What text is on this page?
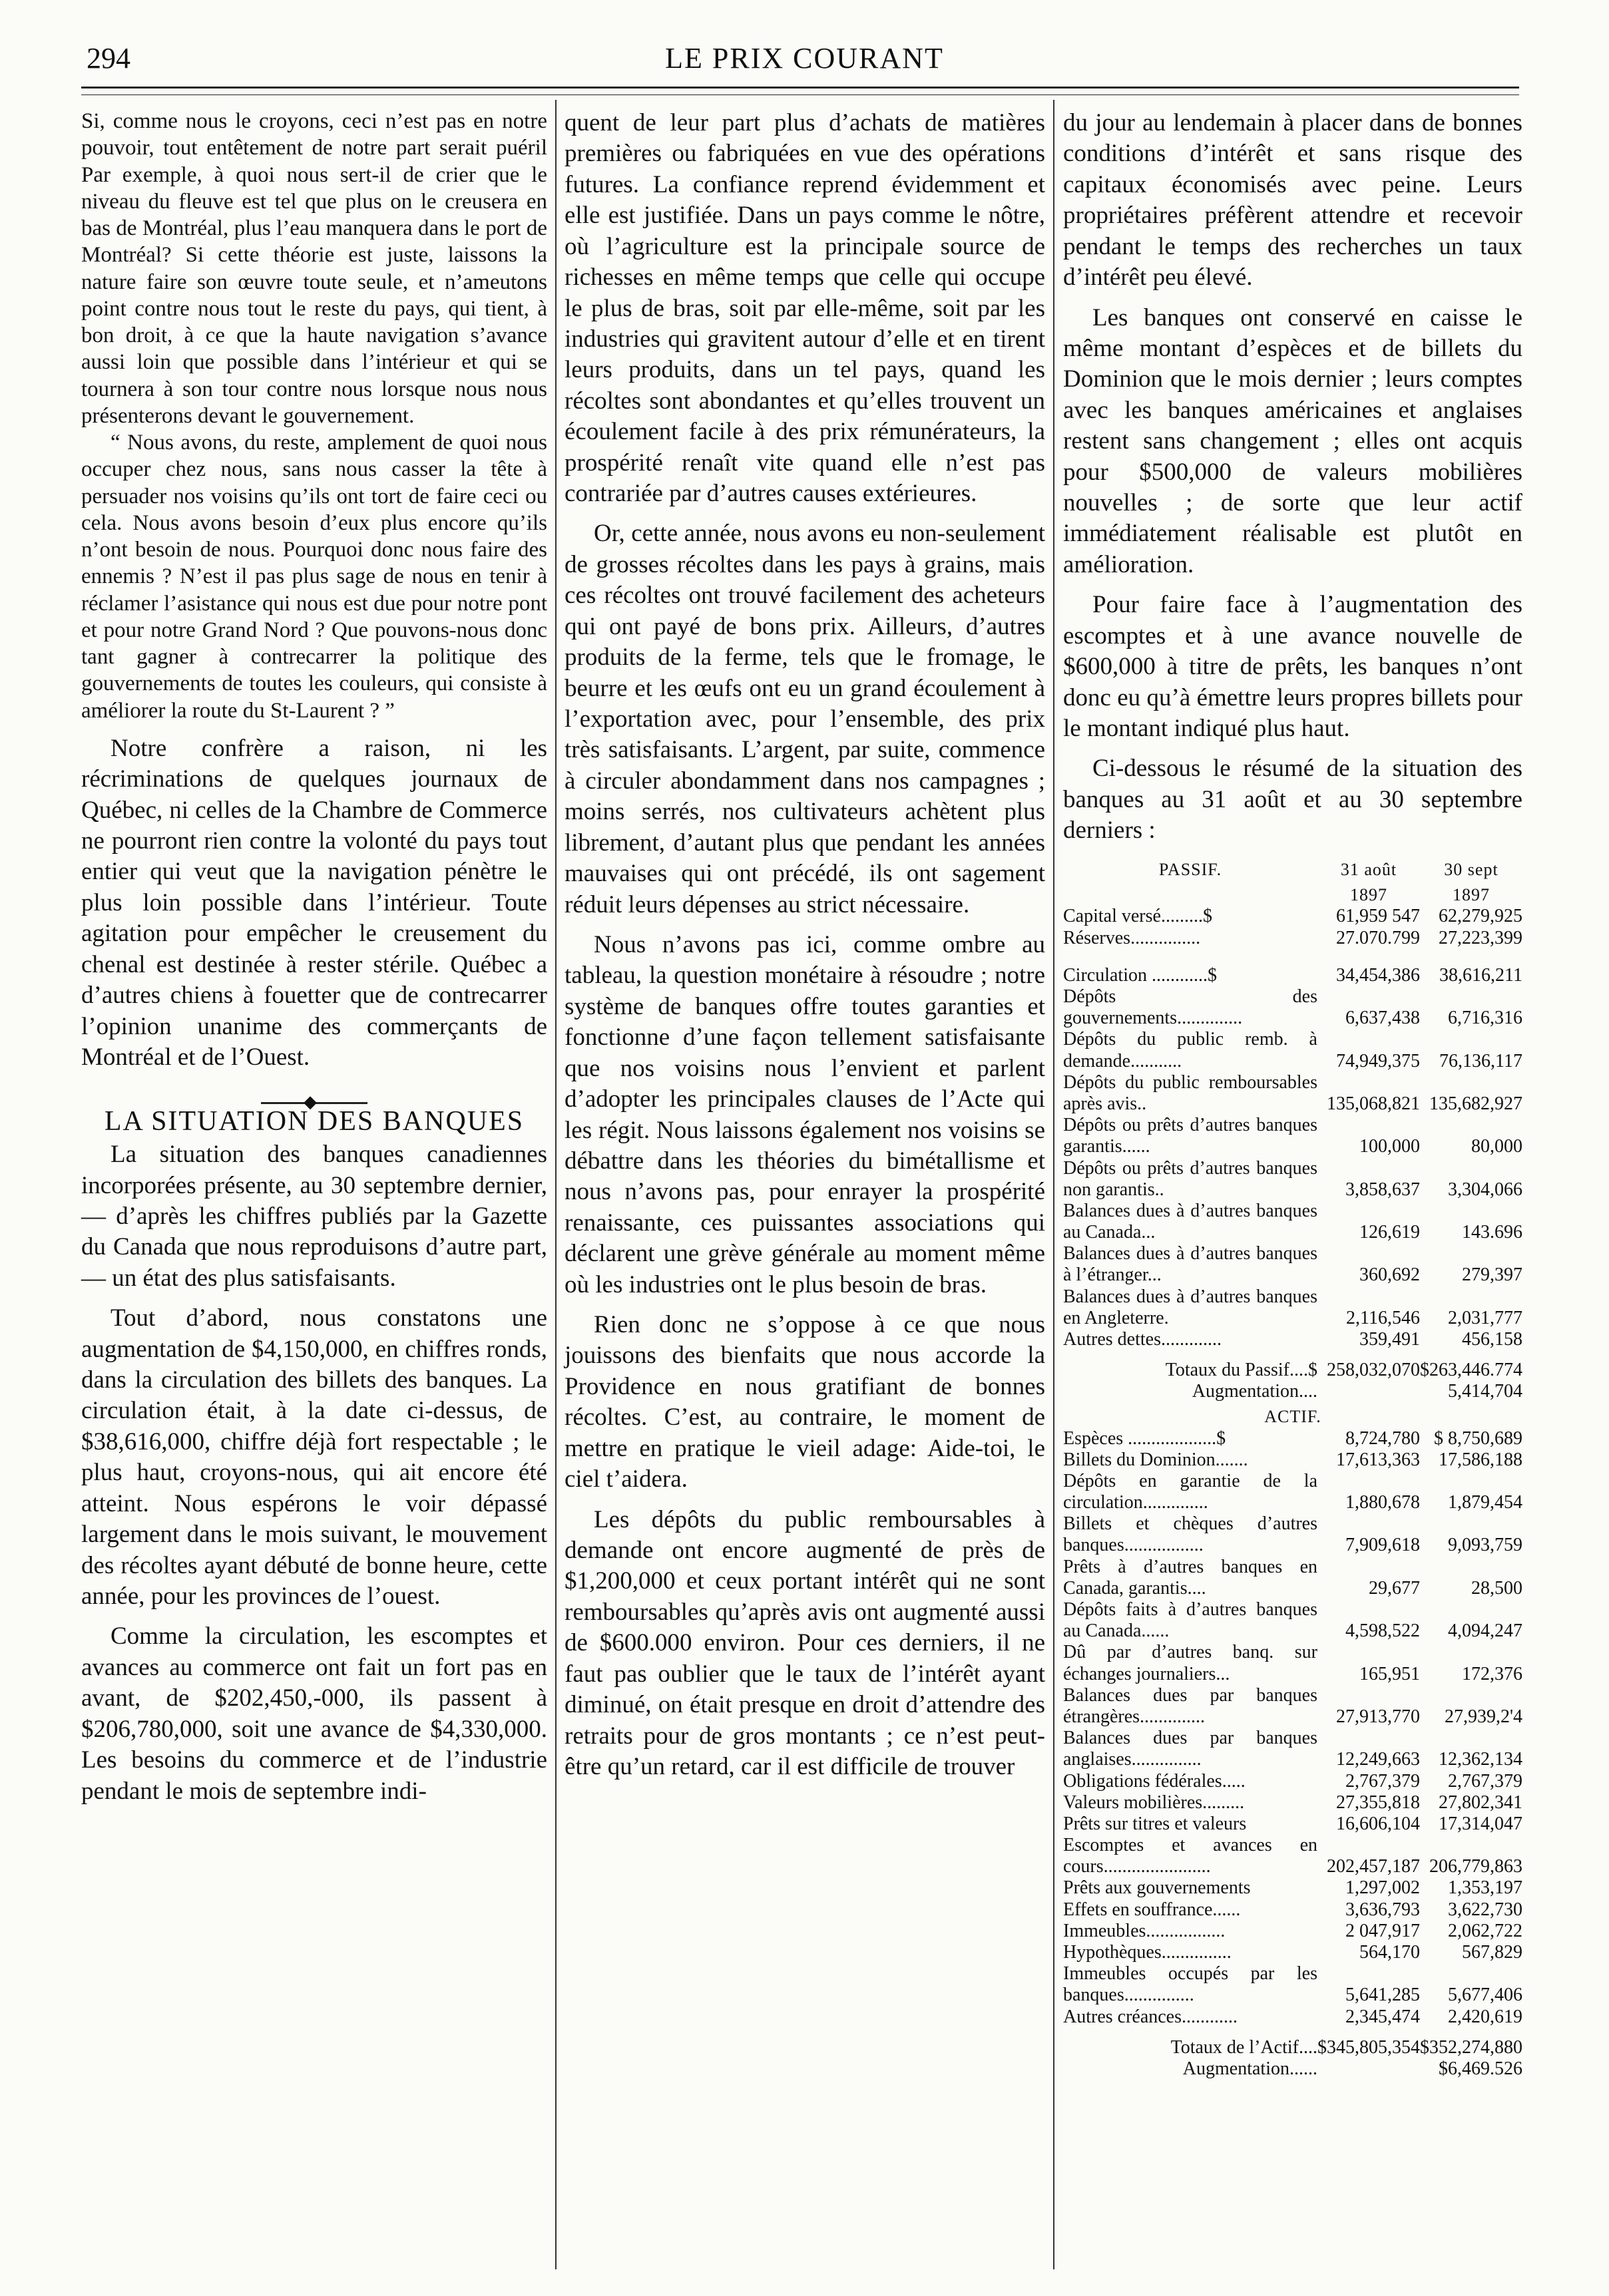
294	LE PRIX COURANT

Si, comme nous le croyons, ceci n’est pas en notre pouvoir, tout entêtement de notre part serait puéril Par exemple, à quoi nous sert-il de crier que le niveau du fleuve est tel que plus on le creusera en bas de Montréal, plus l’eau manquera dans le port de Montréal? Si cette théorie est juste, laissons la nature faire son œuvre toute seule, et n’ameutons point contre nous tout le reste du pays, qui tient, à bon droit, à ce que la haute navigation s’avance aussi loin que possible dans l’intérieur et qui se tournera à son tour contre nous lorsque nous nous présenterons devant le gouvernement.

“ Nous avons, du reste, amplement de quoi nous occuper chez nous, sans nous casser la tête à persuader nos voisins qu’ils ont tort de faire ceci ou cela. Nous avons besoin d’eux plus encore qu’ils n’ont besoin de nous. Pourquoi donc nous faire des ennemis ? N’est il pas plus sage de nous en tenir à réclamer l’asistance qui nous est due pour notre pont et pour notre Grand Nord ? Que pouvons-nous donc tant gagner à contrecarrer la politique des gouvernements de toutes les couleurs, qui consiste à améliorer la route du St-Laurent ? ”

Notre confrère a raison, ni les récriminations de quelques journaux de Québec, ni celles de la Chambre de Commerce ne pourront rien contre la volonté du pays tout entier qui veut que la navigation pénètre le plus loin possible dans l’intérieur. Toute agitation pour empêcher le creusement du chenal est destinée à rester stérile. Québec a d’autres chiens à fouetter que de contrecarrer l’opinion unanime des commerçants de Montréal et de l’Ouest.

◆

LA SITUATION DES BANQUES

La situation des banques canadiennes incorporées présente, au 30 septembre dernier, — d’après les chiffres publiés par la Gazette du Canada que nous reproduisons d’autre part,— un état des plus satisfaisants.

Tout d’abord, nous constatons une augmentation de $4,150,000, en chiffres ronds, dans la circulation des billets des banques. La circulation était, à la date ci-dessus, de $38,616,000, chiffre déjà fort respectable ; le plus haut, croyons-nous, qui ait encore été atteint. Nous espérons le voir dépassé largement dans le mois suivant, le mouvement des récoltes ayant débuté de bonne heure, cette année, pour les provinces de l’ouest.

Comme la circulation, les escomptes et avances au commerce ont fait un fort pas en avant, de $202,450,-000, ils passent à $206,780,000, soit une avance de $4,330,000. Les besoins du commerce et de l’industrie pendant le mois de septembre indi-

quent de leur part plus d’achats de matières premières ou fabriquées en vue des opérations futures. La confiance reprend évidemment et elle est justifiée. Dans un pays comme le nôtre, où l’agriculture est la principale source de richesses en même temps que celle qui occupe le plus de bras, soit par elle-même, soit par les industries qui gravitent autour d’elle et en tirent leurs produits, dans un tel pays, quand les récoltes sont abondantes et qu’elles trouvent un écoulement facile à des prix rémunérateurs, la prospérité renaît vite quand elle n’est pas contrariée par d’autres causes extérieures.

Or, cette année, nous avons eu non-seulement de grosses récoltes dans les pays à grains, mais ces récoltes ont trouvé facilement des acheteurs qui ont payé de bons prix. Ailleurs, d’autres produits de la ferme, tels que le fromage, le beurre et les œufs ont eu un grand écoulement à l’exportation avec, pour l’ensemble, des prix très satisfaisants. L’argent, par suite, commence à circuler abondamment dans nos campagnes ; moins serrés, nos cultivateurs achètent plus librement, d’autant plus que pendant les années mauvaises qui ont précédé, ils ont sagement réduit leurs dépenses au strict nécessaire.

Nous n’avons pas ici, comme ombre au tableau, la question monétaire à résoudre ; notre système de banques offre toutes garanties et fonctionne d’une façon tellement satisfaisante que nos voisins nous l’envient et parlent d’adopter les principales clauses de l’Acte qui les régit. Nous laissons également nos voisins se débattre dans les théories du bimétallisme et nous n’avons pas, pour enrayer la prospérité renaissante, ces puissantes associations qui déclarent une grève générale au moment même où les industries ont le plus besoin de bras.

Rien donc ne s’oppose à ce que nous jouissons des bienfaits que nous accorde la Providence en nous gratifiant de bonnes récoltes. C’est, au contraire, le moment de mettre en pratique le vieil adage: Aide-toi, le ciel t’aidera.

Les dépôts du public remboursables à demande ont encore augmenté de près de $1,200,000 et ceux portant intérêt qui ne sont remboursables qu’après avis ont augmenté aussi de $600.000 environ. Pour ces derniers, il ne faut pas oublier que le taux de l’intérêt ayant diminué, on était presque en droit d’attendre des retraits pour de gros montants ; ce n’est peut-être qu’un retard, car il est difficile de trouver

du jour au lendemain à placer dans de bonnes conditions d’intérêt et sans risque des capitaux économisés avec peine. Leurs propriétaires préfèrent attendre et recevoir pendant le temps des recherches un taux d’intérêt peu élevé.

Les banques ont conservé en caisse le même montant d’espèces et de billets du Dominion que le mois dernier ; leurs comptes avec les banques américaines et anglaises restent sans changement ; elles ont acquis pour $500,000 de valeurs mobilières nouvelles ; de sorte que leur actif immédiatement réalisable est plutôt en amélioration.

Pour faire face à l’augmentation des escomptes et à une avance nouvelle de $600,000 à titre de prêts, les banques n’ont donc eu qu’à émettre leurs propres billets pour le montant indiqué plus haut.

Ci-dessous le résumé de la situation des banques au 31 août et au 30 septembre derniers :

PASSIF.	31 août	30 sept
	1897	1897
Capital versé.........$	61,959 547	62,279,925
Réserves...............	27.070.799	27,223,399

Circulation ............$	34,454,386	38,616,211
Dépôts des gouvernements..............	6,637,438	6,716,316
Dépôts du public remb. à demande...........	74,949,375	76,136,117
Dépôts du public remboursables après avis..	135,068,821	135,682,927
Dépôts ou prêts d’autres banques garantis......	100,000	80,000
Dépôts ou prêts d’autres banques non garantis..	3,858,637	3,304,066
Balances dues à d’autres banques au Canada...	126,619	143.696
Balances dues à d’autres banques à l’étranger...	360,692	279,397
Balances dues à d’autres banques en Angleterre.	2,116,546	2,031,777
Autres dettes.............	359,491	456,158
Totaux du Passif....$	258,032,070	$263,446.774
Augmentation....		5,414,704
ACTIF.		
Espèces ...................$	8,724,780	$ 8,750,689
Billets du Dominion.......	17,613,363	17,586,188
Dépôts en garantie de la circulation..............	1,880,678	1,879,454
Billets et chèques d’autres banques.................	7,909,618	9,093,759
Prêts à d’autres banques en Canada, garantis....	29,677	28,500
Dépôts faits à d’autres banques au Canada......	4,598,522	4,094,247
Dû par d’autres banq. sur échanges journaliers...	165,951	172,376
Balances dues par banques étrangères..............	27,913,770	27,939,2'4
Balances dues par banques anglaises...............	12,249,663	12,362,134
Obligations fédérales.....	2,767,379	2,767,379
Valeurs mobilières.........	27,355,818	27,802,341
Prêts sur titres et valeurs	16,606,104	17,314,047
Escomptes et avances en cours.......................	202,457,187	206,779,863
Prêts aux gouvernements	1,297,002	1,353,197
Effets en souffrance......	3,636,793	3,622,730
Immeubles.................	2 047,917	2,062,722
Hypothèques...............	564,170	567,829
Immeubles occupés par les banques...............	5,641,285	5,677,406
Autres créances............	2,345,474	2,420,619
Totaux de l’Actif....	$345,805,354	$352,274,880
Augmentation......		$6,469.526
